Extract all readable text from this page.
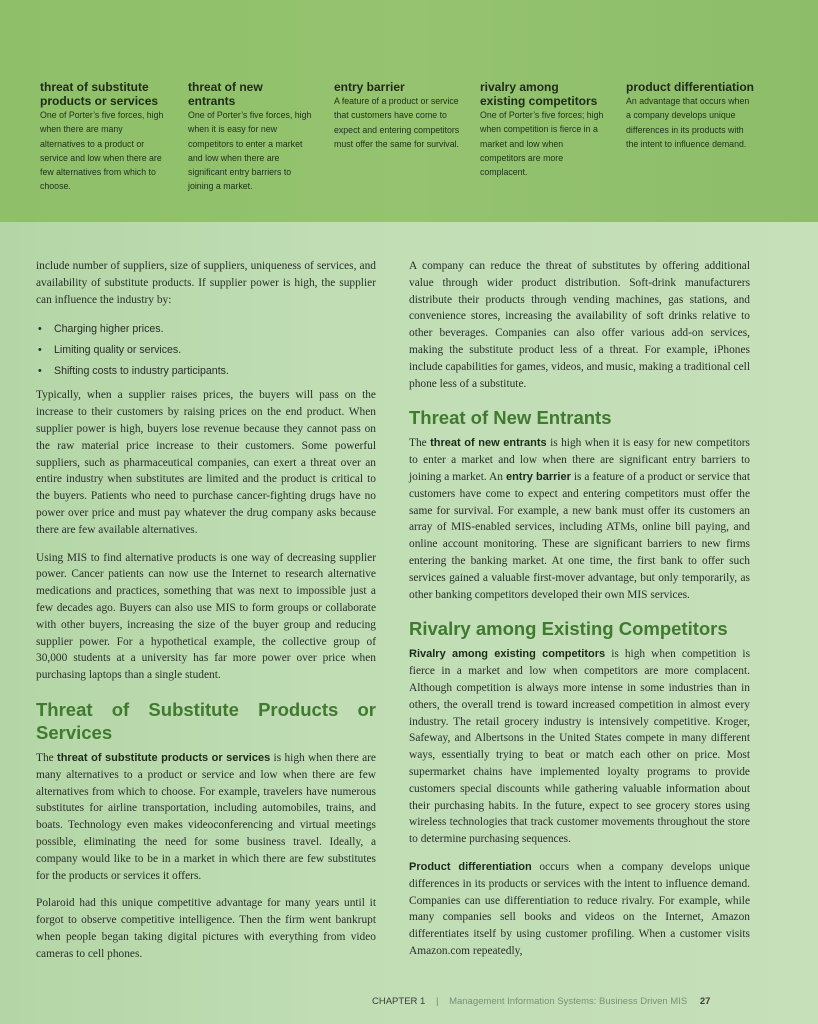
threat of substitute products or services
One of Porter’s five forces, high when there are many alternatives to a product or service and low when there are few alternatives from which to choose.
threat of new entrants
One of Porter’s five forces, high when it is easy for new competitors to enter a market and low when there are significant entry barriers to joining a market.
entry barrier
A feature of a product or service that customers have come to expect and entering competitors must offer the same for survival.
rivalry among existing competitors
One of Porter’s five forces; high when competition is fierce in a market and low when competitors are more complacent.
product differentiation
An advantage that occurs when a company develops unique differences in its products with the intent to influence demand.

include number of suppliers, size of suppliers, uniqueness of services, and availability of substitute products. If supplier power is high, the supplier can influence the industry by:

• Charging higher prices.
• Limiting quality or services.
• Shifting costs to industry participants.

Typically, when a supplier raises prices, the buyers will pass on the increase to their customers by raising prices on the end product. When supplier power is high, buyers lose revenue because they cannot pass on the raw material price increase to their customers. Some powerful suppliers, such as pharmaceutical companies, can exert a threat over an entire industry when substitutes are limited and the product is critical to the buyers. Patients who need to purchase cancer-fighting drugs have no power over price and must pay whatever the drug company asks because there are few available alternatives.

Using MIS to find alternative products is one way of decreasing supplier power. Cancer patients can now use the Internet to research alternative medications and practices, something that was next to impossible just a few decades ago. Buyers can also use MIS to form groups or collaborate with other buyers, increasing the size of the buyer group and reducing supplier power. For a hypothetical example, the collective group of 30,000 students at a university has far more power over price when purchasing laptops than a single student.

Threat of Substitute Products or Services

The threat of substitute products or services is high when there are many alternatives to a product or service and low when there are few alternatives from which to choose. For example, travelers have numerous substitutes for airline transportation, including automobiles, trains, and boats. Technology even makes videoconferencing and virtual meetings possible, eliminating the need for some business travel. Ideally, a company would like to be in a market in which there are few substitutes for the products or services it offers.

Polaroid had this unique competitive advantage for many years until it forgot to observe competitive intelligence. Then the firm went bankrupt when people began taking digital pictures with everything from video cameras to cell phones.

A company can reduce the threat of substitutes by offering additional value through wider product distribution. Soft-drink manufacturers distribute their products through vending machines, gas stations, and convenience stores, increasing the availability of soft drinks relative to other beverages. Companies can also offer various add-on services, making the substitute product less of a threat. For example, iPhones include capabilities for games, videos, and music, making a traditional cell phone less of a substitute.

Threat of New Entrants

The threat of new entrants is high when it is easy for new competitors to enter a market and low when there are significant entry barriers to joining a market. An entry barrier is a feature of a product or service that customers have come to expect and entering competitors must offer the same for survival. For example, a new bank must offer its customers an array of MIS-enabled services, including ATMs, online bill paying, and online account monitoring. These are significant barriers to new firms entering the banking market. At one time, the first bank to offer such services gained a valuable first-mover advantage, but only temporarily, as other banking competitors developed their own MIS services.

Rivalry among Existing Competitors

Rivalry among existing competitors is high when competition is fierce in a market and low when competitors are more complacent. Although competition is always more intense in some industries than in others, the overall trend is toward increased competition in almost every industry. The retail grocery industry is intensively competitive. Kroger, Safeway, and Albertsons in the United States compete in many different ways, essentially trying to beat or match each other on price. Most supermarket chains have implemented loyalty programs to provide customers special discounts while gathering valuable information about their purchasing habits. In the future, expect to see grocery stores using wireless technologies that track customer movements throughout the store to determine purchasing sequences.

Product differentiation occurs when a company develops unique differences in its products or services with the intent to influence demand. Companies can use differentiation to reduce rivalry. For example, while many companies sell books and videos on the Internet, Amazon differentiates itself by using customer profiling. When a customer visits Amazon.com repeatedly,

CHAPTER 1 | Management Information Systems: Business Driven MIS 27
